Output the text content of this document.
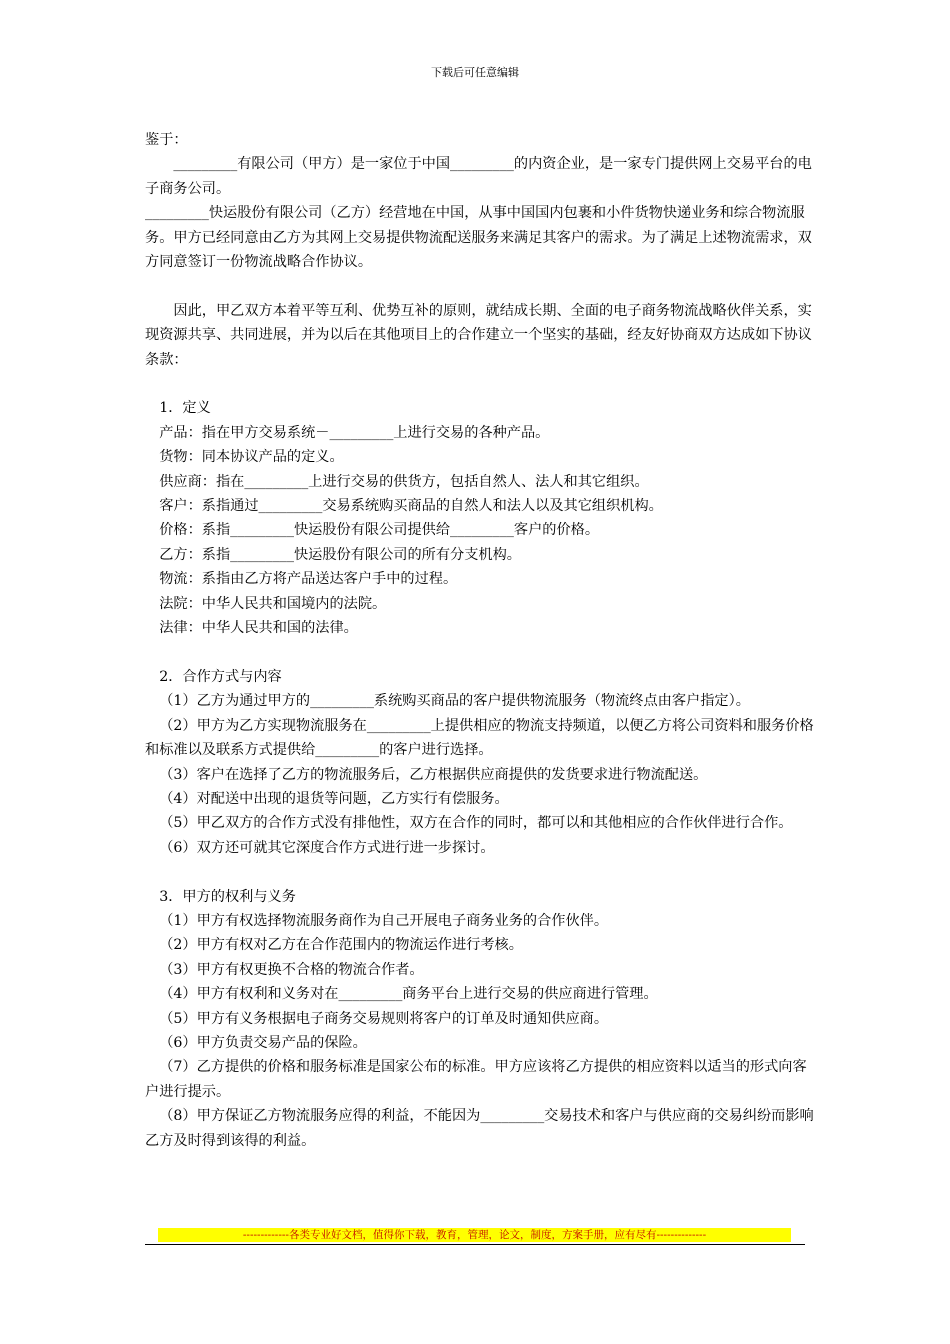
下载后可任意编辑

鉴于：

_________有限公司（甲方）是一家位于中国_________的内资企业，是一家专门提供网上交易平台的电子商务公司。

_________快运股份有限公司（乙方）经营地在中国，从事中国国内包裹和小件货物快递业务和综合物流服务。甲方已经同意由乙方为其网上交易提供物流配送服务来满足其客户的需求。为了满足上述物流需求，双方同意签订一份物流战略合作协议。

因此，甲乙双方本着平等互利、优势互补的原则，就结成长期、全面的电子商务物流战略伙伴关系，实现资源共享、共同进展，并为以后在其他项目上的合作建立一个坚实的基础，经友好协商双方达成如下协议条款：

1．定义

产品：指在甲方交易系统－_________上进行交易的各种产品。

货物：同本协议产品的定义。

供应商：指在_________上进行交易的供货方，包括自然人、法人和其它组织。

客户：系指通过_________交易系统购买商品的自然人和法人以及其它组织机构。

价格：系指_________快运股份有限公司提供给_________客户的价格。

乙方：系指_________快运股份有限公司的所有分支机构。

物流：系指由乙方将产品送达客户手中的过程。

法院：中华人民共和国境内的法院。

法律：中华人民共和国的法律。

2．合作方式与内容

（1）乙方为通过甲方的_________系统购买商品的客户提供物流服务（物流终点由客户指定）。

（2）甲方为乙方实现物流服务在_________上提供相应的物流支持频道，以便乙方将公司资料和服务价格和标准以及联系方式提供给_________的客户进行选择。

（3）客户在选择了乙方的物流服务后，乙方根据供应商提供的发货要求进行物流配送。

（4）对配送中出现的退货等问题，乙方实行有偿服务。

（5）甲乙双方的合作方式没有排他性，双方在合作的同时，都可以和其他相应的合作伙伴进行合作。

（6）双方还可就其它深度合作方式进行进一步探讨。

3．甲方的权利与义务

（1）甲方有权选择物流服务商作为自己开展电子商务业务的合作伙伴。

（2）甲方有权对乙方在合作范围内的物流运作进行考核。

（3）甲方有权更换不合格的物流合作者。

（4）甲方有权利和义务对在_________商务平台上进行交易的供应商进行管理。

（5）甲方有义务根据电子商务交易规则将客户的订单及时通知供应商。

（6）甲方负责交易产品的保险。

（7）乙方提供的价格和服务标准是国家公布的标准。甲方应该将乙方提供的相应资料以适当的形式向客户进行提示。

（8）甲方保证乙方物流服务应得的利益，不能因为_________交易技术和客户与供应商的交易纠纷而影响乙方及时得到该得的利益。

-------------各类专业好文档，值得你下载，教育，管理，论文，制度，方案手册，应有尽有--------------
